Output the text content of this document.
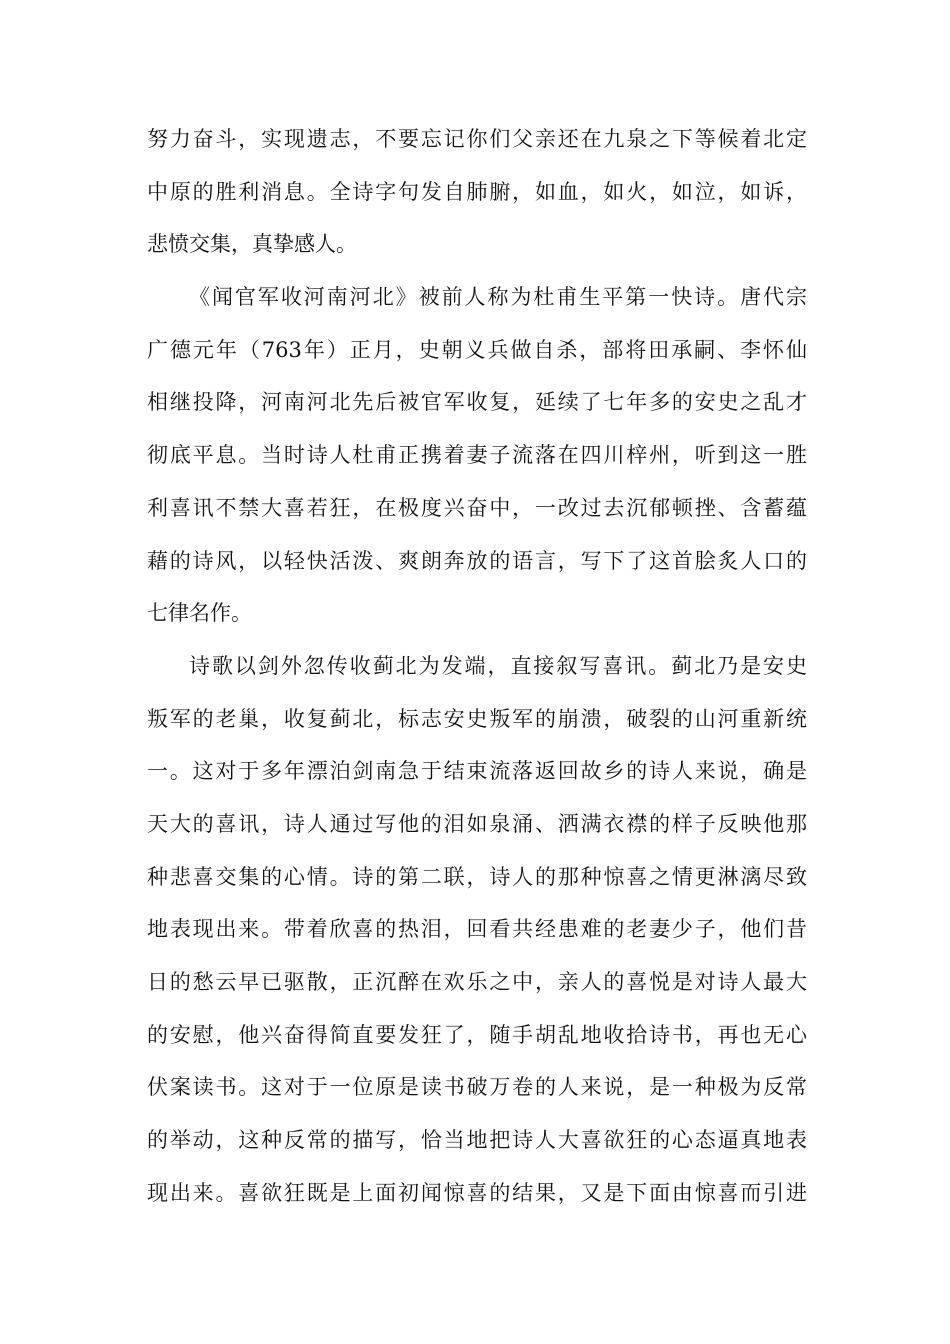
努力奋斗，实现遗志，不要忘记你们父亲还在九泉之下等候着北定
中原的胜利消息。全诗字句发自肺腑，如血，如火，如泣，如诉，
悲愤交集，真挚感人。
《闻官军收河南河北》被前人称为杜甫生平第一快诗。唐代宗
广德元年（763年）正月，史朝义兵做自杀，部将田承嗣、李怀仙
相继投降，河南河北先后被官军收复，延续了七年多的安史之乱才
彻底平息。当时诗人杜甫正携着妻子流落在四川梓州，听到这一胜
利喜讯不禁大喜若狂，在极度兴奋中，一改过去沉郁顿挫、含蓄蕴
藉的诗风，以轻快活泼、爽朗奔放的语言，写下了这首脍炙人口的
七律名作。
诗歌以剑外忽传收蓟北为发端，直接叙写喜讯。蓟北乃是安史
叛军的老巢，收复蓟北，标志安史叛军的崩溃，破裂的山河重新统
一。这对于多年漂泊剑南急于结束流落返回故乡的诗人来说，确是
天大的喜讯，诗人通过写他的泪如泉涌、洒满衣襟的样子反映他那
种悲喜交集的心情。诗的第二联，诗人的那种惊喜之情更淋漓尽致
地表现出来。带着欣喜的热泪，回看共经患难的老妻少子，他们昔
日的愁云早已驱散，正沉醉在欢乐之中，亲人的喜悦是对诗人最大
的安慰，他兴奋得简直要发狂了，随手胡乱地收拾诗书，再也无心
伏案读书。这对于一位原是读书破万卷的人来说，是一种极为反常
的举动，这种反常的描写，恰当地把诗人大喜欲狂的心态逼真地表
现出来。喜欲狂既是上面初闻惊喜的结果，又是下面由惊喜而引进
